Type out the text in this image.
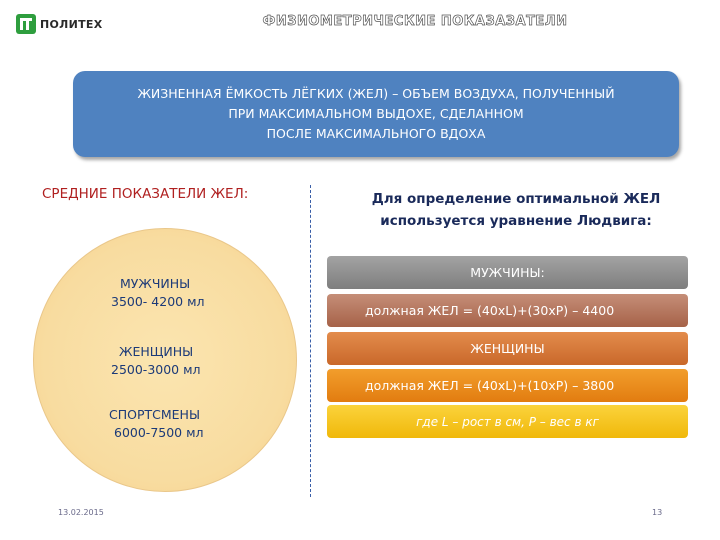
ПОЛИТЕХ	ФИЗИОМЕТРИЧЕСКИЕ ПОКАЗАЗАТЕЛИ
ЖИЗНЕННАЯ ЁМКОСТЬ ЛЁГКИХ (ЖЕЛ) – ОБЪЕМ ВОЗДУХА, ПОЛУЧЕННЫЙ
ПРИ МАКСИМАЛЬНОМ ВЫДОХЕ, СДЕЛАННОМ
ПОСЛЕ МАКСИМАЛЬНОГО ВДОХА
СРЕДНИЕ ПОКАЗАТЕЛИ ЖЕЛ:
МУЖЧИНЫ
3500- 4200 мл
ЖЕНЩИНЫ
2500-3000 мл
СПОРТСМЕНЫ
6000-7500 мл
Для определение оптимальной ЖЕЛ
используется уравнение Людвига:
МУЖЧИНЫ:
должная ЖЕЛ = (40хL)+(30хР) – 4400
ЖЕНЩИНЫ
должная ЖЕЛ = (40хL)+(10хР) – 3800
где L – рост в см, Р – вес в кг
13.02.2015	13
